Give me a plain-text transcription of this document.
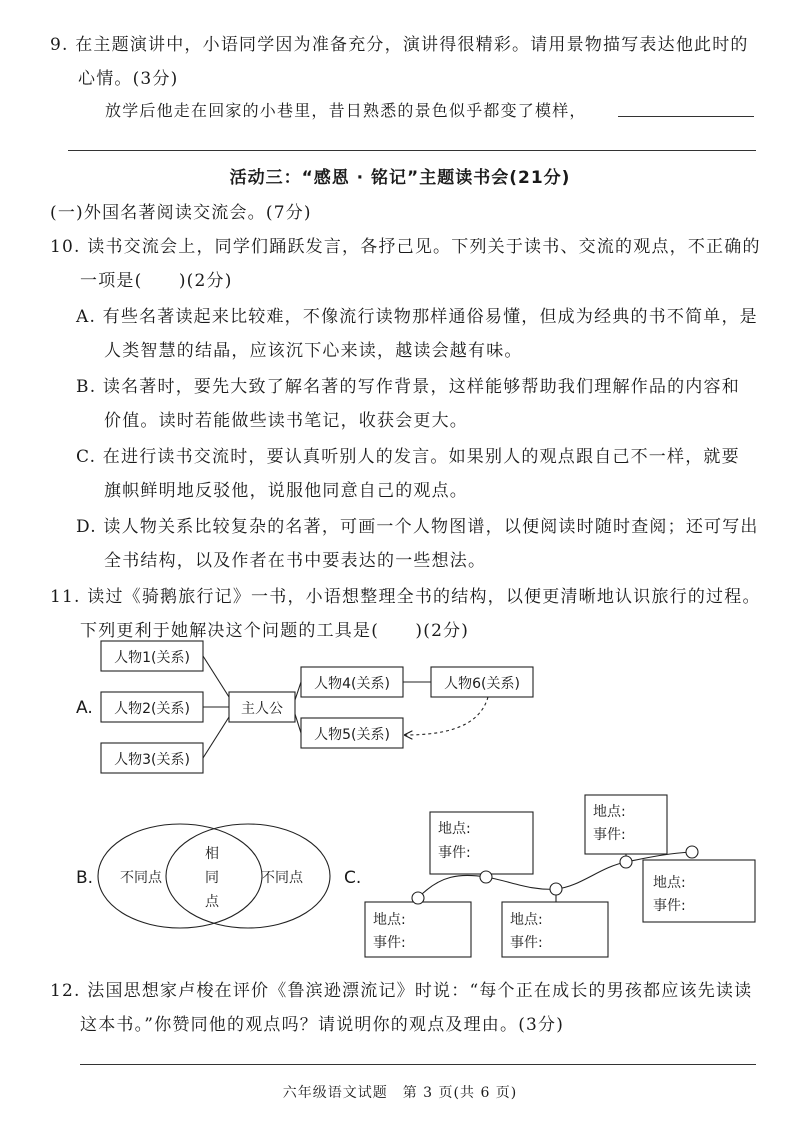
9. 在主题演讲中，小语同学因为准备充分，演讲得很精彩。请用景物描写表达他此时的
心情。(3分)
放学后他走在回家的小巷里，昔日熟悉的景色似乎都变了模样，
活动三：“感恩 · 铭记”主题读书会(21分)
(一)外国名著阅读交流会。(7分)
10. 读书交流会上，同学们踊跃发言，各抒己见。下列关于读书、交流的观点，不正确的
一项是(　　)(2分)
A. 有些名著读起来比较难，不像流行读物那样通俗易懂，但成为经典的书不简单，是
人类智慧的结晶，应该沉下心来读，越读会越有味。
B. 读名著时，要先大致了解名著的写作背景，这样能够帮助我们理解作品的内容和
价值。读时若能做些读书笔记，收获会更大。
C. 在进行读书交流时，要认真听别人的发言。如果别人的观点跟自己不一样，就要
旗帜鲜明地反驳他，说服他同意自己的观点。
D. 读人物关系比较复杂的名著，可画一个人物图谱，以便阅读时随时查阅；还可写出
全书结构，以及作者在书中要表达的一些想法。
11. 读过《骑鹅旅行记》一书，小语想整理全书的结构，以便更清晰地认识旅行的过程。
下列更利于她解决这个问题的工具是(　　)(2分)
A.
人物1(关系)
人物2(关系)
人物3(关系)
主人公
人物4(关系)
人物5(关系)
人物6(关系)
B. 不同点	不同点
相
同
点
C.
地点:
事件:
地点:
事件:
地点:
事件:
地点:
事件:
地点:
事件:
12. 法国思想家卢梭在评价《鲁滨逊漂流记》时说：“每个正在成长的男孩都应该先读读
这本书。”你赞同他的观点吗？请说明你的观点及理由。(3分)
六年级语文试题　第 3 页(共 6 页)
